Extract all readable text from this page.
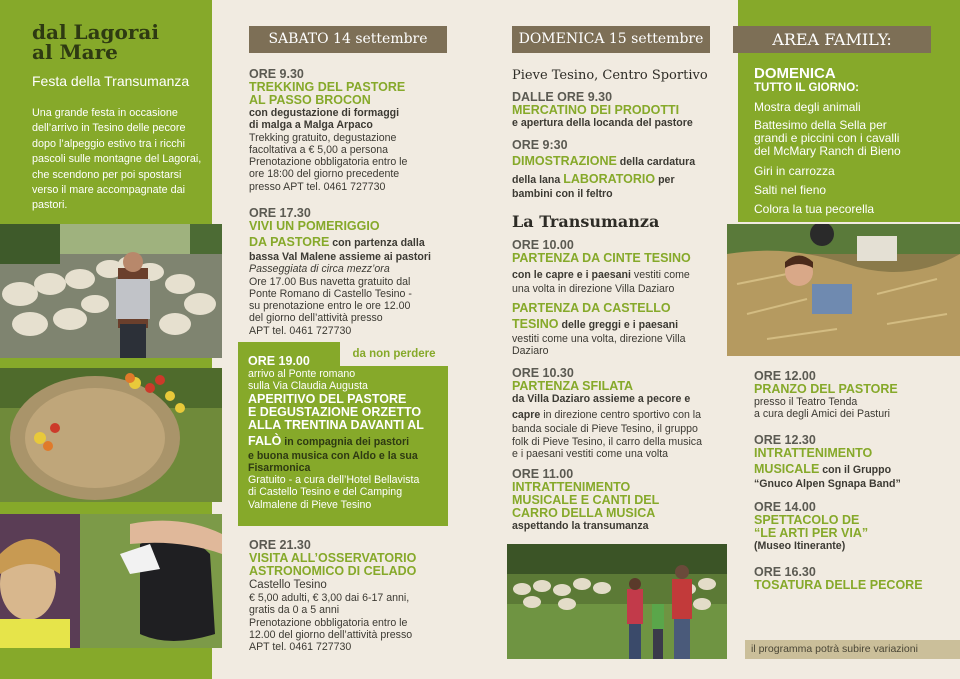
dal Lagorai
al Mare
Festa della Transumanza
Una grande festa in occasione dell’arrivo in Tesino delle pecore dopo l’alpeggio estivo tra i ricchi pascoli sulle montagne del Lagorai, che scendono per poi spostarsi verso il mare accompagnate dai pastori.
SABATO 14 settembre
ORE 9.30
TREKKING DEL PASTORE
AL PASSO BROCON
con degustazione di formaggi
di malga a Malga Arpaco
Trekking gratuito, degustazione
facoltativa a € 5,00 a persona
Prenotazione obbligatoria entro le
ore 18:00 del giorno precedente
presso APT tel. 0461 727730
ORE 17.30
VIVI UN POMERIGGIO
DA PASTORE con partenza dalla
bassa Val Malene assieme ai pastori
Passeggiata di circa mezz’ora
Ore 17.00 Bus navetta gratuito dal
Ponte Romano di Castello Tesino -
su prenotazione entro le ore 12.00
del giorno dell’attività presso
APT tel. 0461 727730
da non perdere
ORE 19.00
arrivo al Ponte romano
sulla Via Claudia Augusta
APERITIVO DEL PASTORE
E DEGUSTAZIONE ORZETTO
ALLA TRENTINA DAVANTI AL
FALÒ in compagnia dei pastori
e buona musica con Aldo e la sua
Fisarmonica
Gratuito - a cura dell’Hotel Bellavista
di Castello Tesino e del Camping
Valmalene di Pieve Tesino
ORE 21.30
VISITA ALL’OSSERVATORIO
ASTRONOMICO DI CELADO
Castello Tesino
€ 5,00 adulti, € 3,00 dai 6-17 anni,
gratis da 0 a 5 anni
Prenotazione obbligatoria entro le
12.00 del giorno dell’attività presso
APT tel. 0461 727730
DOMENICA 15 settembre
Pieve Tesino, Centro Sportivo
DALLE ORE 9.30
MERCATINO DEI PRODOTTI
e apertura della locanda del pastore
ORE 9:30
DIMOSTRAZIONE della cardatura
della lana LABORATORIO per
bambini con il feltro
La Transumanza
ORE 10.00
PARTENZA DA CINTE TESINO
con le capre e i paesani vestiti come
una volta in direzione Villa Daziaro
PARTENZA DA CASTELLO
TESINO delle greggi e i paesani
vestiti come una volta, direzione Villa
Daziaro
ORE 10.30
PARTENZA SFILATA
da Villa Daziaro assieme a pecore e
capre in direzione centro sportivo con la
banda sociale di Pieve Tesino, il gruppo
folk di Pieve Tesino, il carro della musica
e i paesani vestiti come una volta
ORE 11.00
INTRATTENIMENTO
MUSICALE E CANTI DEL
CARRO DELLA MUSICA
aspettando la transumanza
AREA FAMILY:
DOMENICA
TUTTO IL GIORNO:
Mostra degli animali
Battesimo della Sella per
grandi e piccini con i cavalli
del McMary Ranch di Bieno
Giri in carrozza
Salti nel fieno
Colora la tua pecorella
ORE 12.00
PRANZO DEL PASTORE
presso il Teatro Tenda
a cura degli Amici dei Pasturi
ORE 12.30
INTRATTENIMENTO
MUSICALE con il Gruppo
“Gnuco Alpen Sgnapa Band”
ORE 14.00
SPETTACOLO DE
“LE ARTI PER VIA”
(Museo Itinerante)
ORE 16.30
TOSATURA DELLE PECORE
il programma potrà subire variazioni
